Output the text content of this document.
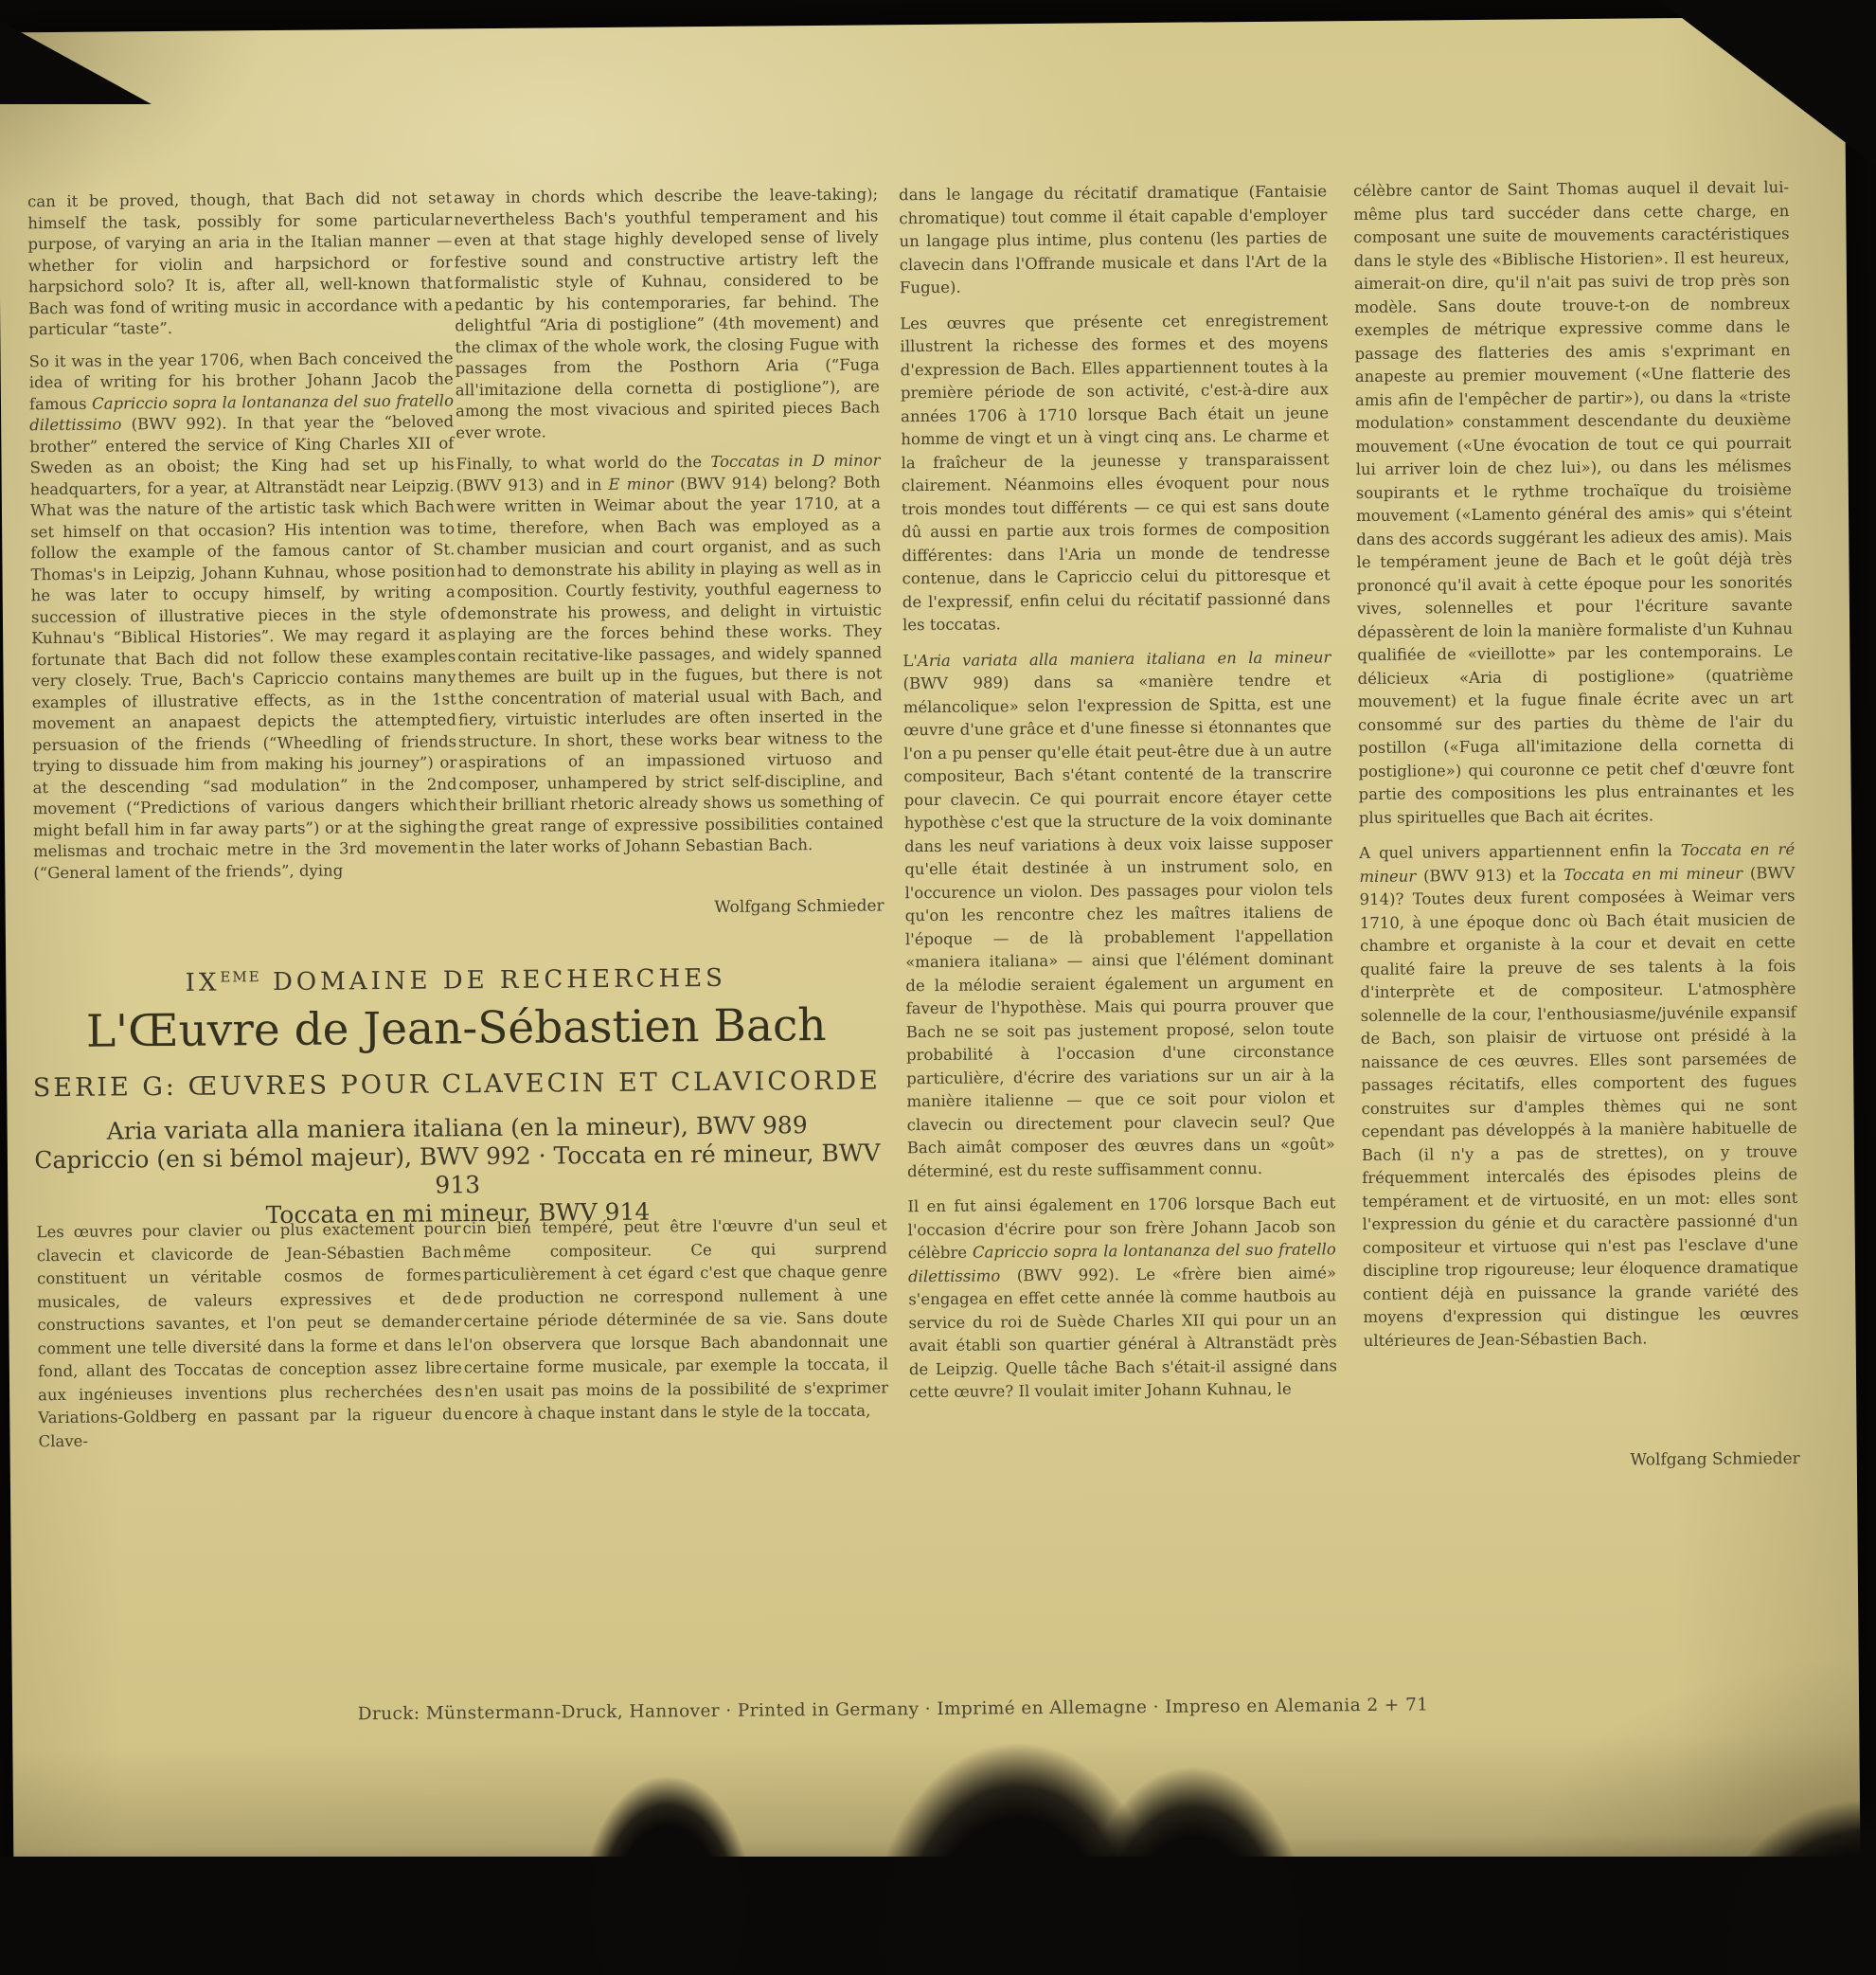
can it be proved, though, that Bach did not set himself the task, possibly for some particular purpose, of varying an aria in the Italian manner — whether for violin and harpsichord or for harpsichord solo? It is, after all, well-known that Bach was fond of writing music in accordance with a particular “taste”.

So it was in the year 1706, when Bach conceived the idea of writing for his brother Johann Jacob the famous Capriccio sopra la lontananza del suo fratello dilettissimo (BWV 992). In that year the “beloved brother” entered the service of King Charles XII of Sweden as an oboist; the King had set up his headquarters, for a year, at Altranstädt near Leipzig. What was the nature of the artistic task which Bach set himself on that occasion? His intention was to follow the example of the famous cantor of St. Thomas's in Leipzig, Johann Kuhnau, whose position he was later to occupy himself, by writing a succession of illustrative pieces in the style of Kuhnau's “Biblical Histories”. We may regard it as fortunate that Bach did not follow these examples very closely. True, Bach's Capriccio contains many examples of illustrative effects, as in the 1st movement an anapaest depicts the attempted persuasion of the friends (“Wheedling of friends trying to dissuade him from making his journey”) or at the descending “sad modulation” in the 2nd movement (“Predictions of various dangers which might befall him in far away parts”) or at the sighing melismas and trochaic metre in the 3rd movement (“General lament of the friends”, dying

away in chords which describe the leave-taking); nevertheless Bach's youthful temperament and his even at that stage highly developed sense of lively festive sound and constructive artistry left the formalistic style of Kuhnau, considered to be pedantic by his contemporaries, far behind. The delightful “Aria di postiglione” (4th movement) and the climax of the whole work, the closing Fugue with passages from the Posthorn Aria (“Fuga all'imitazione della cornetta di postiglione”), are among the most vivacious and spirited pieces Bach ever wrote.

Finally, to what world do the Toccatas in D minor (BWV 913) and in E minor (BWV 914) belong? Both were written in Weimar about the year 1710, at a time, therefore, when Bach was employed as a chamber musician and court organist, and as such had to demonstrate his ability in playing as well as in composition. Courtly festivity, youthful eagerness to demonstrate his prowess, and delight in virtuistic playing are the forces behind these works. They contain recitative-like passages, and widely spanned themes are built up in the fugues, but there is not the concentration of material usual with Bach, and fiery, virtuistic interludes are often inserted in the structure. In short, these works bear witness to the aspirations of an impassioned virtuoso and composer, unhampered by strict self-discipline, and their brilliant rhetoric already shows us something of the great range of expressive possibilities contained in the later works of Johann Sebastian Bach.

Wolfgang Schmieder
IXEME DOMAINE DE RECHERCHES
L'Œuvre de Jean-Sébastien Bach
SERIE G: ŒUVRES POUR CLAVECIN ET CLAVICORDE
Aria variata alla maniera italiana (en la mineur), BWV 989
Capriccio (en si bémol majeur), BWV 992 · Toccata en ré mineur, BWV 913
Toccata en mi mineur, BWV 914

Les œuvres pour clavier ou plus exactement pour clavecin et clavicorde de Jean-Sébastien Bach constituent un véritable cosmos de formes musicales, de valeurs expressives et de constructions savantes, et l'on peut se demander comment une telle diversité dans la forme et dans le fond, allant des Toccatas de conception assez libre aux ingénieuses inventions plus recherchées des Variations-Goldberg en passant par la rigueur du Clave-

cin bien tempéré, peut être l'œuvre d'un seul et même compositeur. Ce qui surprend particulièrement à cet égard c'est que chaque genre de production ne correspond nullement à une certaine période déterminée de sa vie. Sans doute l'on observera que lorsque Bach abandonnait une certaine forme musicale, par exemple la toccata, il n'en usait pas moins de la possibilité de s'exprimer encore à chaque instant dans le style de la toccata,

dans le langage du récitatif dramatique (Fantaisie chromatique) tout comme il était capable d'employer un langage plus intime, plus contenu (les parties de clavecin dans l'Offrande musicale et dans l'Art de la Fugue).

Les œuvres que présente cet enregistrement illustrent la richesse des formes et des moyens d'expression de Bach. Elles appartiennent toutes à la première période de son activité, c'est-à-dire aux années 1706 à 1710 lorsque Bach était un jeune homme de vingt et un à vingt cinq ans. Le charme et la fraîcheur de la jeunesse y transparaissent clairement. Néanmoins elles évoquent pour nous trois mondes tout différents — ce qui est sans doute dû aussi en partie aux trois formes de composition différentes: dans l'Aria un monde de tendresse contenue, dans le Capriccio celui du pittoresque et de l'expressif, enfin celui du récitatif passionné dans les toccatas.

L'Aria variata alla maniera italiana en la mineur (BWV 989) dans sa «manière tendre et mélancolique» selon l'expression de Spitta, est une œuvre d'une grâce et d'une finesse si étonnantes que l'on a pu penser qu'elle était peut-être due à un autre compositeur, Bach s'étant contenté de la transcrire pour clavecin. Ce qui pourrait encore étayer cette hypothèse c'est que la structure de la voix dominante dans les neuf variations à deux voix laisse supposer qu'elle était destinée à un instrument solo, en l'occurence un violon. Des passages pour violon tels qu'on les rencontre chez les maîtres italiens de l'époque — de là probablement l'appellation «maniera italiana» — ainsi que l'élément dominant de la mélodie seraient également un argument en faveur de l'hypothèse. Mais qui pourra prouver que Bach ne se soit pas justement proposé, selon toute probabilité à l'occasion d'une circonstance particulière, d'écrire des variations sur un air à la manière italienne — que ce soit pour violon et clavecin ou directement pour clavecin seul? Que Bach aimât composer des œuvres dans un «goût» déterminé, est du reste suffisamment connu.

Il en fut ainsi également en 1706 lorsque Bach eut l'occasion d'écrire pour son frère Johann Jacob son célèbre Capriccio sopra la lontananza del suo fratello dilettissimo (BWV 992). Le «frère bien aimé» s'engagea en effet cette année là comme hautbois au service du roi de Suède Charles XII qui pour un an avait établi son quartier général à Altranstädt près de Leipzig. Quelle tâche Bach s'était-il assigné dans cette œuvre? Il voulait imiter Johann Kuhnau, le

célèbre cantor de Saint Thomas auquel il devait lui-même plus tard succéder dans cette charge, en composant une suite de mouvements caractéristiques dans le style des «Biblische Historien». Il est heureux, aimerait-on dire, qu'il n'ait pas suivi de trop près son modèle. Sans doute trouve-t-on de nombreux exemples de métrique expressive comme dans le passage des flatteries des amis s'exprimant en anapeste au premier mouvement («Une flatterie des amis afin de l'empêcher de partir»), ou dans la «triste modulation» constamment descendante du deuxième mouvement («Une évocation de tout ce qui pourrait lui arriver loin de chez lui»), ou dans les mélismes soupirants et le rythme trochaïque du troisième mouvement («Lamento général des amis» qui s'éteint dans des accords suggérant les adieux des amis). Mais le tempérament jeune de Bach et le goût déjà très prononcé qu'il avait à cette époque pour les sonorités vives, solennelles et pour l'écriture savante dépassèrent de loin la manière formaliste d'un Kuhnau qualifiée de «vieillotte» par les contemporains. Le délicieux «Aria di postiglione» (quatrième mouvement) et la fugue finale écrite avec un art consommé sur des parties du thème de l'air du postillon («Fuga all'imitazione della cornetta di postiglione») qui couronne ce petit chef d'œuvre font partie des compositions les plus entrainantes et les plus spirituelles que Bach ait écrites.

A quel univers appartiennent enfin la Toccata en ré mineur (BWV 913) et la Toccata en mi mineur (BWV 914)? Toutes deux furent composées à Weimar vers 1710, à une époque donc où Bach était musicien de chambre et organiste à la cour et devait en cette qualité faire la preuve de ses talents à la fois d'interprète et de compositeur. L'atmosphère solennelle de la cour, l'enthousiasme/juvénile expansif de Bach, son plaisir de virtuose ont présidé à la naissance de ces œuvres. Elles sont parsemées de passages récitatifs, elles comportent des fugues construites sur d'amples thèmes qui ne sont cependant pas développés à la manière habituelle de Bach (il n'y a pas de strettes), on y trouve fréquemment intercalés des épisodes pleins de tempérament et de virtuosité, en un mot: elles sont l'expression du génie et du caractère passionné d'un compositeur et virtuose qui n'est pas l'esclave d'une discipline trop rigoureuse; leur éloquence dramatique contient déjà en puissance la grande variété des moyens d'expression qui distingue les œuvres ultérieures de Jean-Sébastien Bach.

Wolfgang Schmieder
Druck: Münstermann-Druck, Hannover · Printed in Germany · Imprimé en Allemagne · Impreso en Alemania 2 + 71
